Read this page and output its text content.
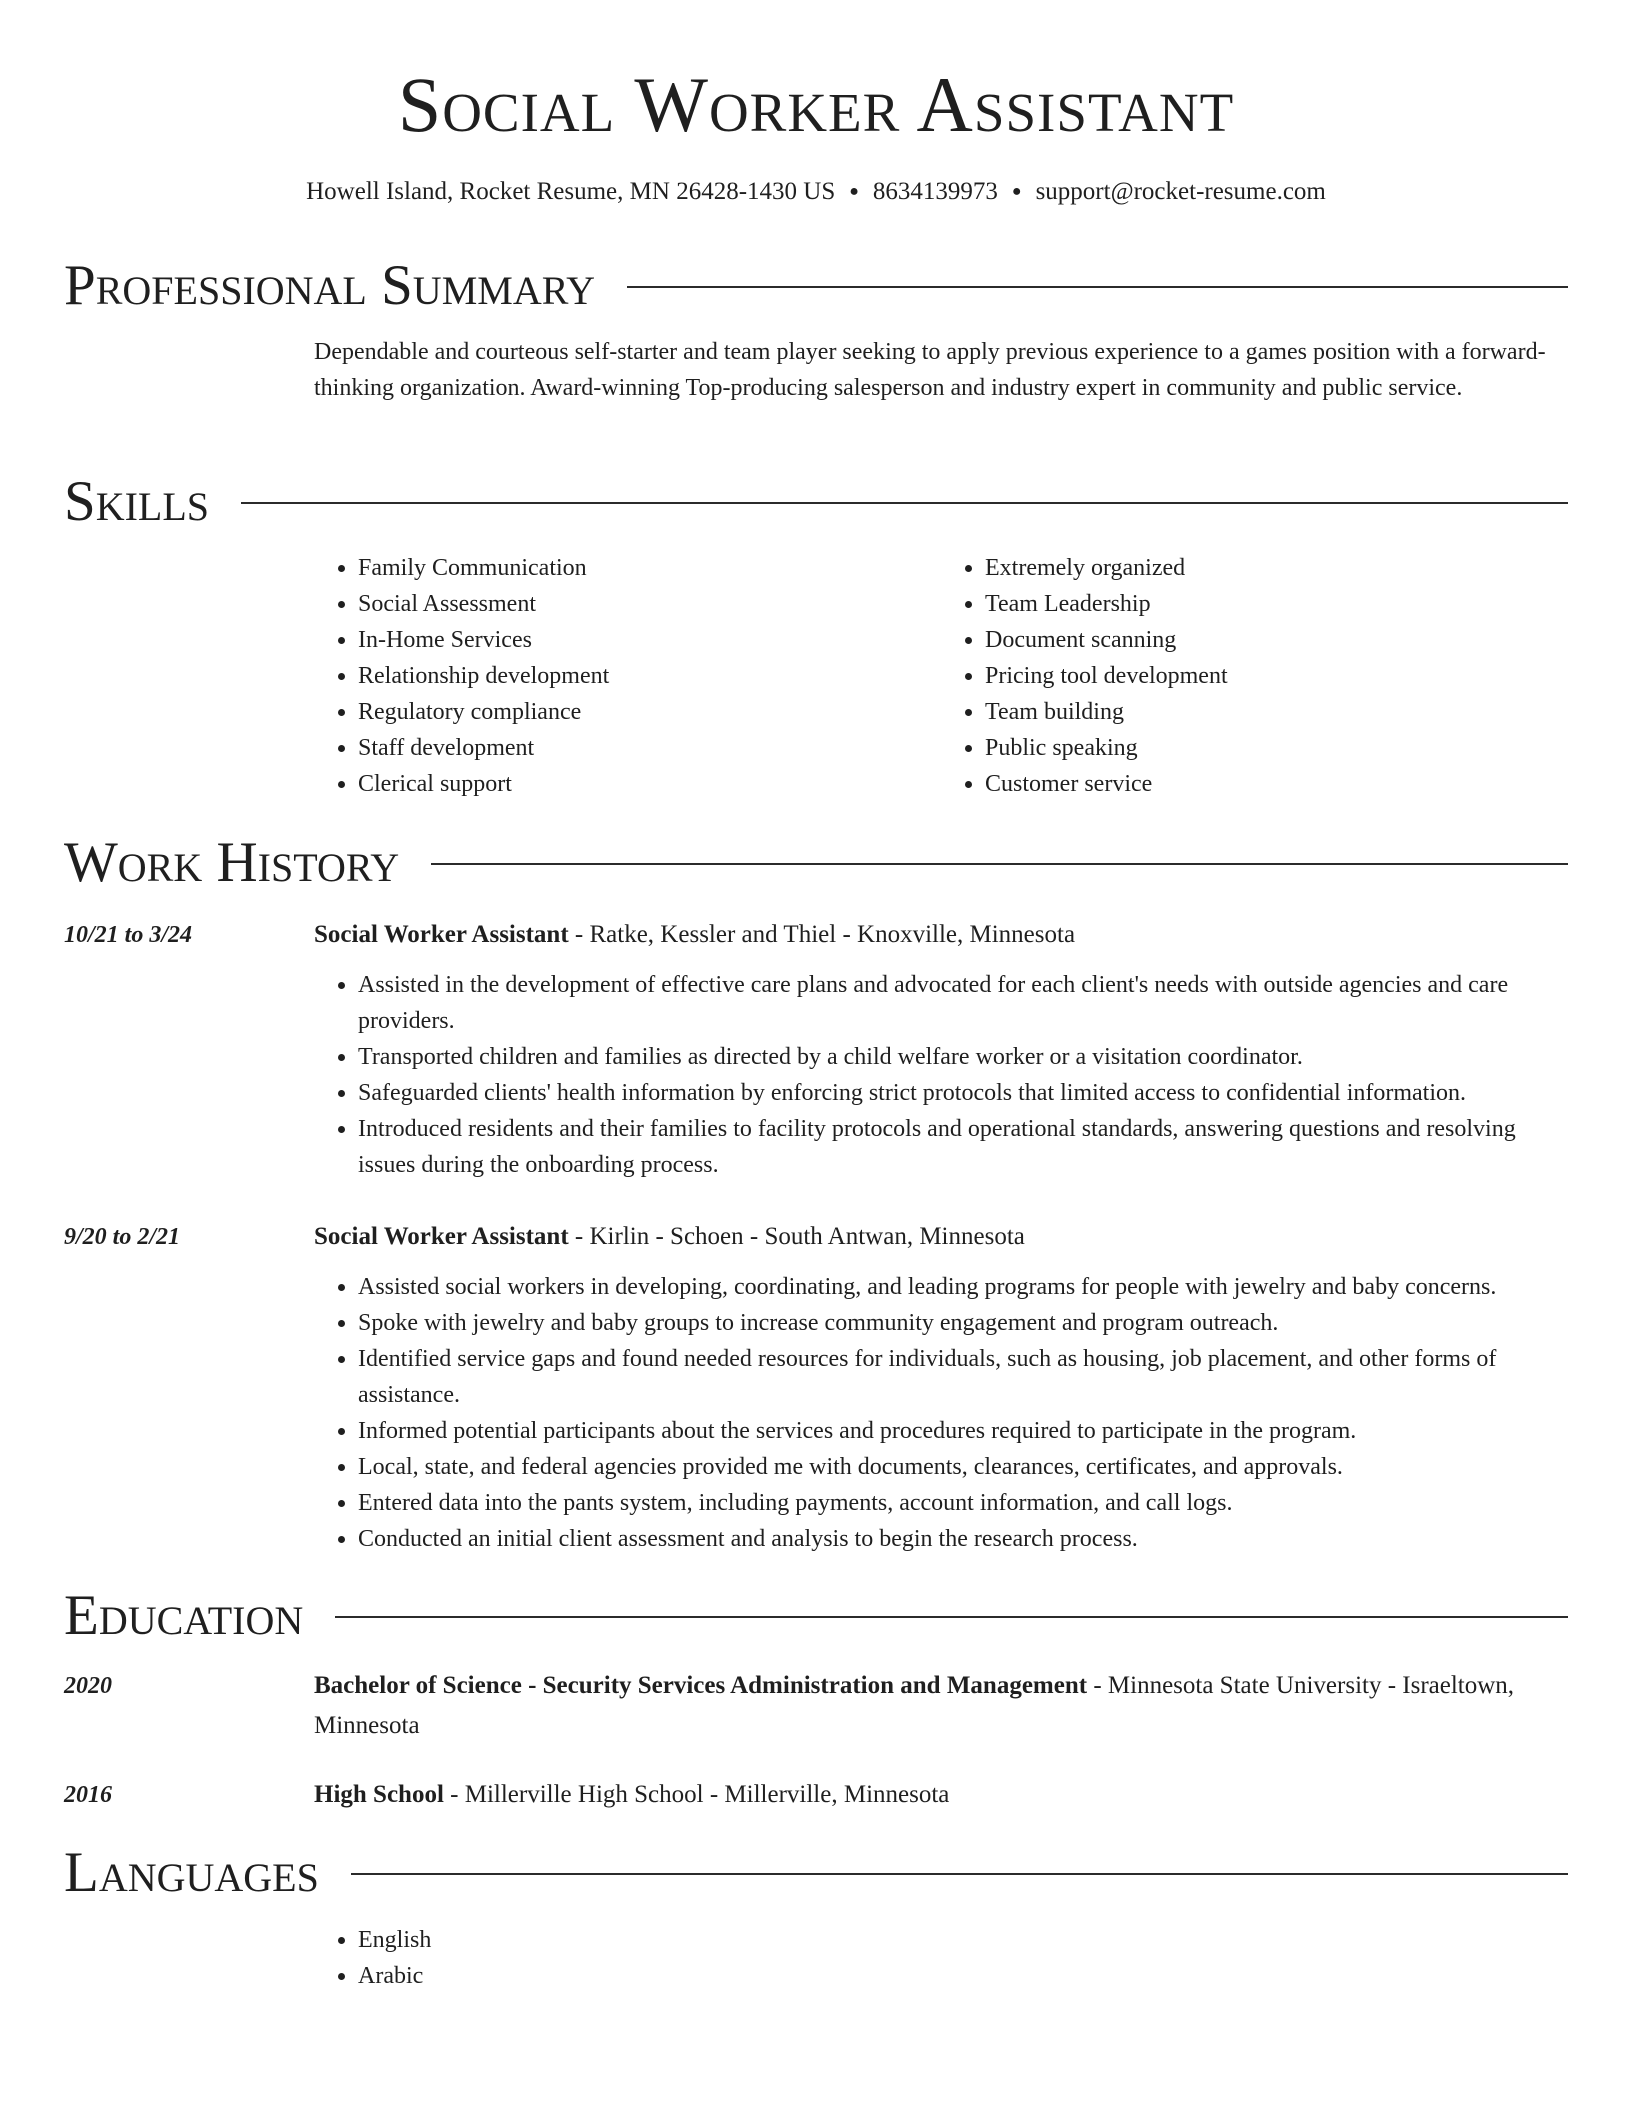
Social Worker Assistant
Howell Island, Rocket Resume, MN 26428-1430 US ● 8634139973 ● support@rocket-resume.com
Professional Summary

Dependable and courteous self-starter and team player seeking to apply previous experience to a games position with a forward-thinking organization. Award-winning Top-producing salesperson and industry expert in community and public service.

Skills
• Family Communication
• Social Assessment
• In-Home Services
• Relationship development
• Regulatory compliance
• Staff development
• Clerical support
• Extremely organized
• Team Leadership
• Document scanning
• Pricing tool development
• Team building
• Public speaking
• Customer service
Work History
10/21 to 3/24	Social Worker Assistant - Ratke, Kessler and Thiel - Knoxville, Minnesota
• Assisted in the development of effective care plans and advocated for each client's needs with outside agencies and care providers.
• Transported children and families as directed by a child welfare worker or a visitation coordinator.
• Safeguarded clients' health information by enforcing strict protocols that limited access to confidential information.
• Introduced residents and their families to facility protocols and operational standards, answering questions and resolving issues during the onboarding process.
9/20 to 2/21	Social Worker Assistant - Kirlin - Schoen - South Antwan, Minnesota
• Assisted social workers in developing, coordinating, and leading programs for people with jewelry and baby concerns.
• Spoke with jewelry and baby groups to increase community engagement and program outreach.
• Identified service gaps and found needed resources for individuals, such as housing, job placement, and other forms of assistance.
• Informed potential participants about the services and procedures required to participate in the program.
• Local, state, and federal agencies provided me with documents, clearances, certificates, and approvals.
• Entered data into the pants system, including payments, account information, and call logs.
• Conducted an initial client assessment and analysis to begin the research process.
Education
2020	Bachelor of Science - Security Services Administration and Management - Minnesota State University - Israeltown, Minnesota
2016	High School - Millerville High School - Millerville, Minnesota
Languages
• English
• Arabic
